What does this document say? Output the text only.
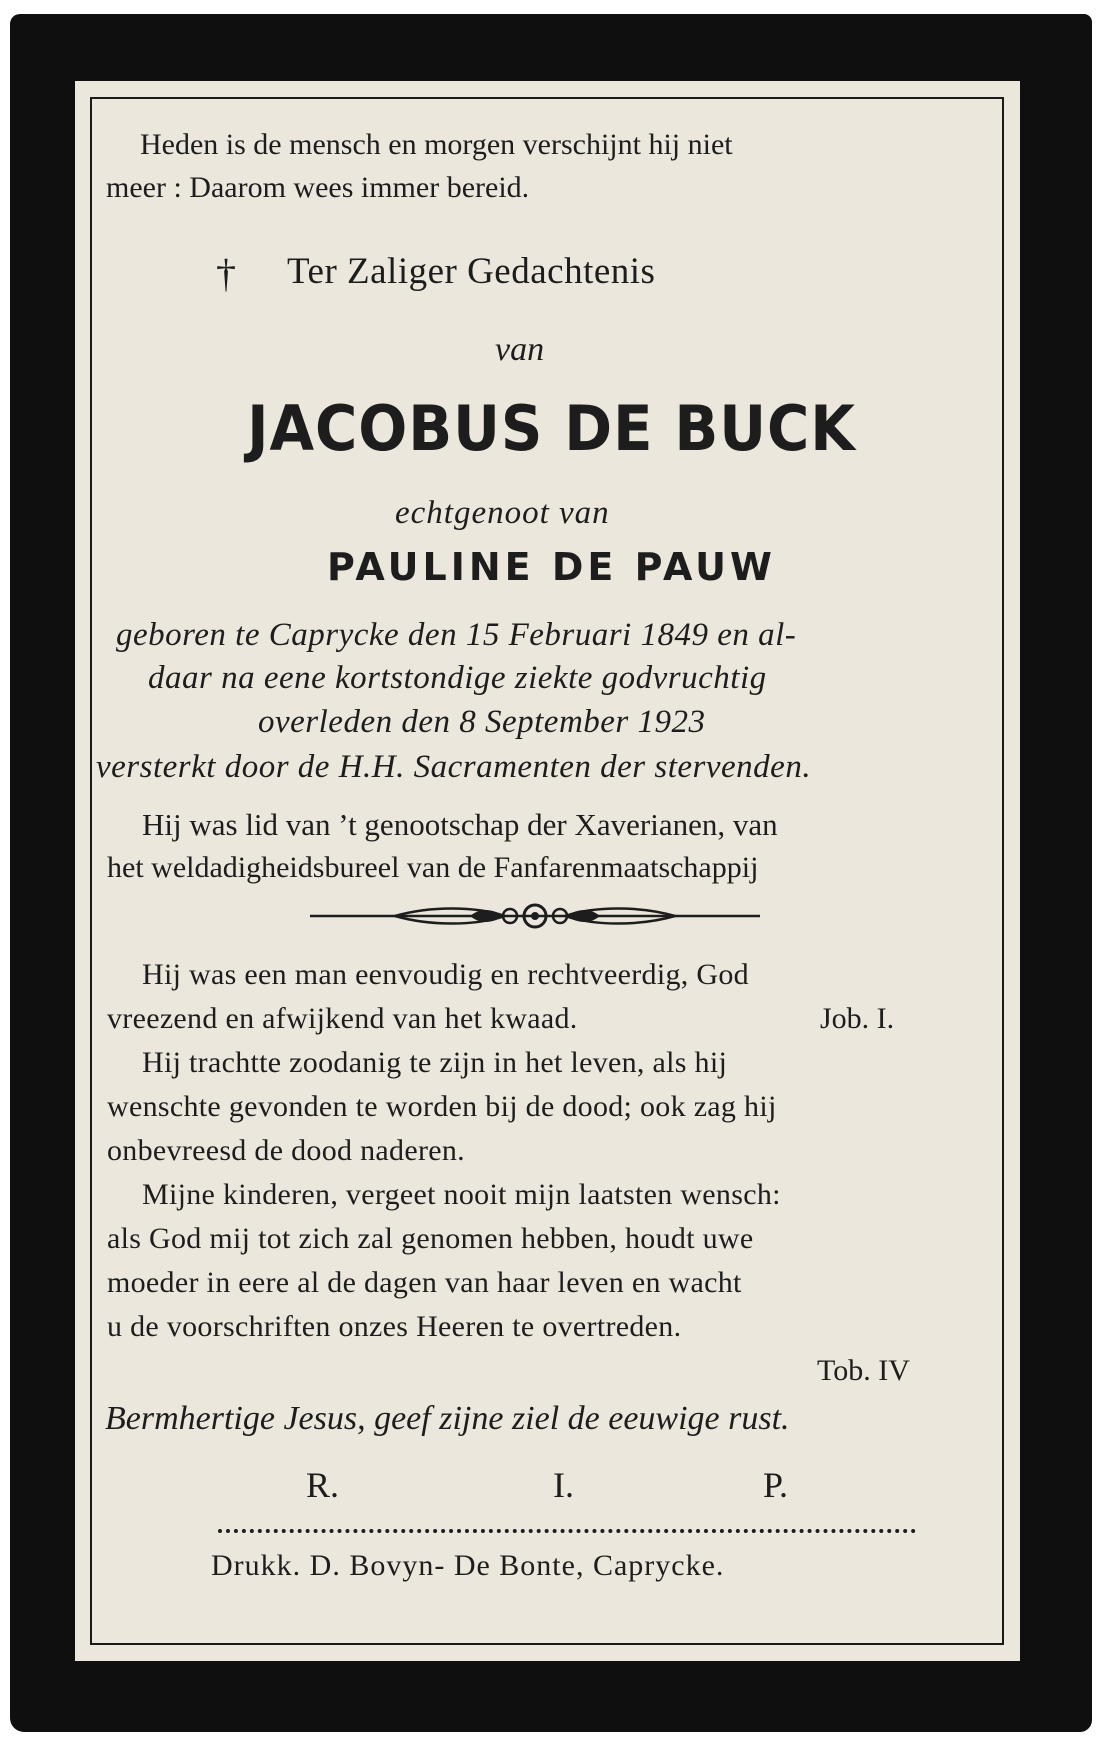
Heden is de mensch en morgen verschijnt hij niet
meer : Daarom wees immer bereid.
† Ter Zaliger Gedachtenis
van
JACOBUS DE BUCK
echtgenoot van
PAULINE DE PAUW
geboren te Caprycke den 15 Februari 1849 en al-
daar na eene kortstondige ziekte godvruchtig
overleden den 8 September 1923
versterkt door de H.H. Sacramenten der stervenden.
Hij was lid van ’t genootschap der Xaverianen, van
het weldadigheidsbureel van de Fanfarenmaatschappij
Hij was een man eenvoudig en rechtveerdig, God
vreezend en afwijkend van het kwaad.	Job. I.
Hij trachtte zoodanig te zijn in het leven, als hij
wenschte gevonden te worden bij de dood; ook zag hij
onbevreesd de dood naderen.
Mijne kinderen, vergeet nooit mijn laatsten wensch:
als God mij tot zich zal genomen hebben, houdt uwe
moeder in eere al de dagen van haar leven en wacht
u de voorschriften onzes Heeren te overtreden.
Tob. IV
Bermhertige Jesus, geef zijne ziel de eeuwige rust.
R.	I.	P.
Drukk. D. Bovyn- De Bonte, Caprycke.
